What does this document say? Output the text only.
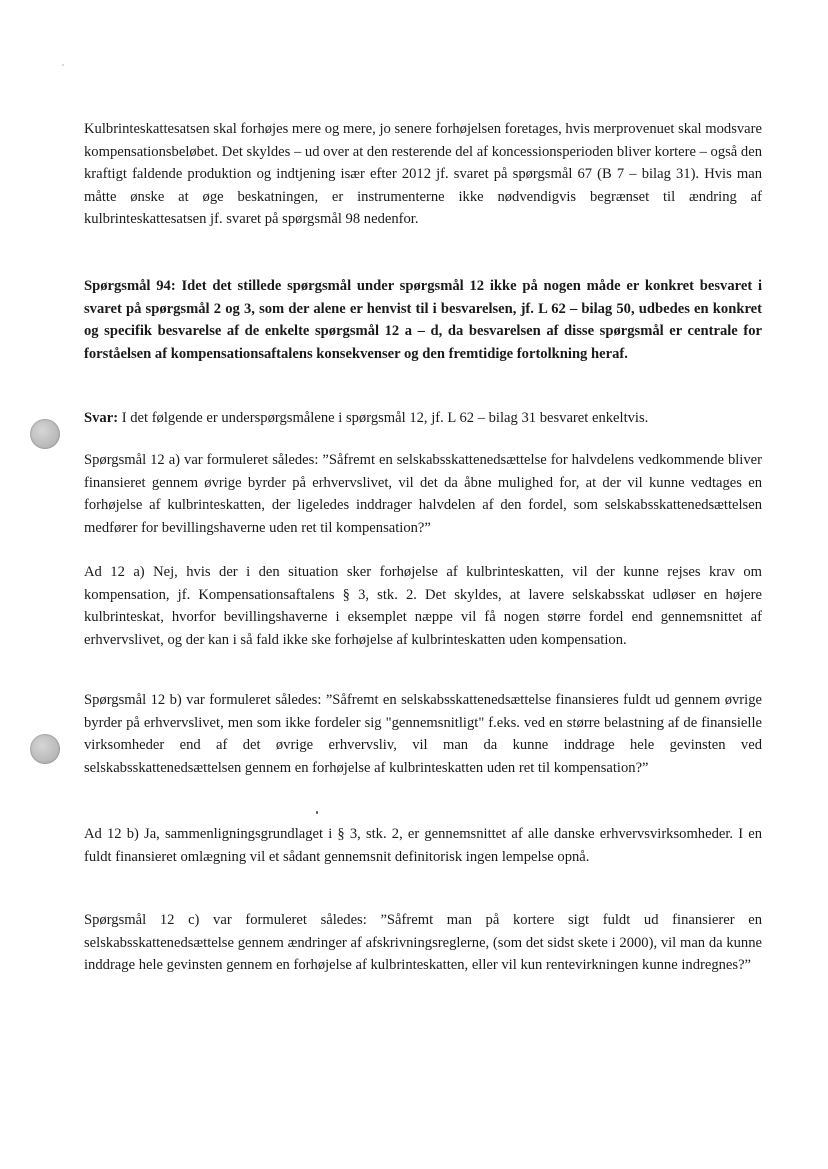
Kulbrinteskattesatsen skal forhøjes mere og mere, jo senere forhøjelsen foretages, hvis merprovenuet skal modsvare kompensationsbeløbet. Det skyldes – ud over at den resterende del af koncessionsperioden bliver kortere – også den kraftigt faldende produktion og indtjening især efter 2012 jf. svaret på spørgsmål 67 (B 7 – bilag 31). Hvis man måtte ønske at øge beskatningen, er instrumenterne ikke nødvendigvis begrænset til ændring af kulbrinteskattesatsen jf. svaret på spørgsmål 98 nedenfor.

Spørgsmål 94: Idet det stillede spørgsmål under spørgsmål 12 ikke på nogen måde er konkret besvaret i svaret på spørgsmål 2 og 3, som der alene er henvist til i besvarelsen, jf. L 62 – bilag 50, udbedes en konkret og specifik besvarelse af de enkelte spørgsmål 12 a – d, da besvarelsen af disse spørgsmål er centrale for forståelsen af kompensationsaftalens konsekvenser og den fremtidige fortolkning heraf.

Svar: I det følgende er underspørgsmålene i spørgsmål 12, jf. L 62 – bilag 31 besvaret enkeltvis.

Spørgsmål 12 a) var formuleret således: ”Såfremt en selskabsskattenedsættelse for halvdelens vedkommende bliver finansieret gennem øvrige byrder på erhvervslivet, vil det da åbne mulighed for, at der vil kunne vedtages en forhøjelse af kulbrinteskatten, der ligeledes inddrager halvdelen af den fordel, som selskabsskattenedsættelsen medfører for bevillingshaverne uden ret til kompensation?”

Ad 12 a) Nej, hvis der i den situation sker forhøjelse af kulbrinteskatten, vil der kunne rejses krav om kompensation, jf. Kompensationsaftalens § 3, stk. 2. Det skyldes, at lavere selskabsskat udløser en højere kulbrinteskat, hvorfor bevillingshaverne i eksemplet næppe vil få nogen større fordel end gennemsnittet af erhvervslivet, og der kan i så fald ikke ske forhøjelse af kulbrinteskatten uden kompensation.

Spørgsmål 12 b) var formuleret således: ”Såfremt en selskabsskattenedsættelse finansieres fuldt ud gennem øvrige byrder på erhvervslivet, men som ikke fordeler sig "gennemsnitligt" f.eks. ved en større belastning af de finansielle virksomheder end af det øvrige erhvervsliv, vil man da kunne inddrage hele gevinsten ved selskabsskattenedsættelsen gennem en forhøjelse af kulbrinteskatten uden ret til kompensation?”

Ad 12 b) Ja, sammenligningsgrundlaget i § 3, stk. 2, er gennemsnittet af alle danske erhvervsvirksomheder. I en fuldt finansieret omlægning vil et sådant gennemsnit definitorisk ingen lempelse opnå.

Spørgsmål 12 c) var formuleret således: ”Såfremt man på kortere sigt fuldt ud finansierer en selskabsskattenedsættelse gennem ændringer af afskrivningsreglerne, (som det sidst skete i 2000), vil man da kunne inddrage hele gevinsten gennem en forhøjelse af kulbrinteskatten, eller vil kun rentevirkningen kunne indregnes?”
